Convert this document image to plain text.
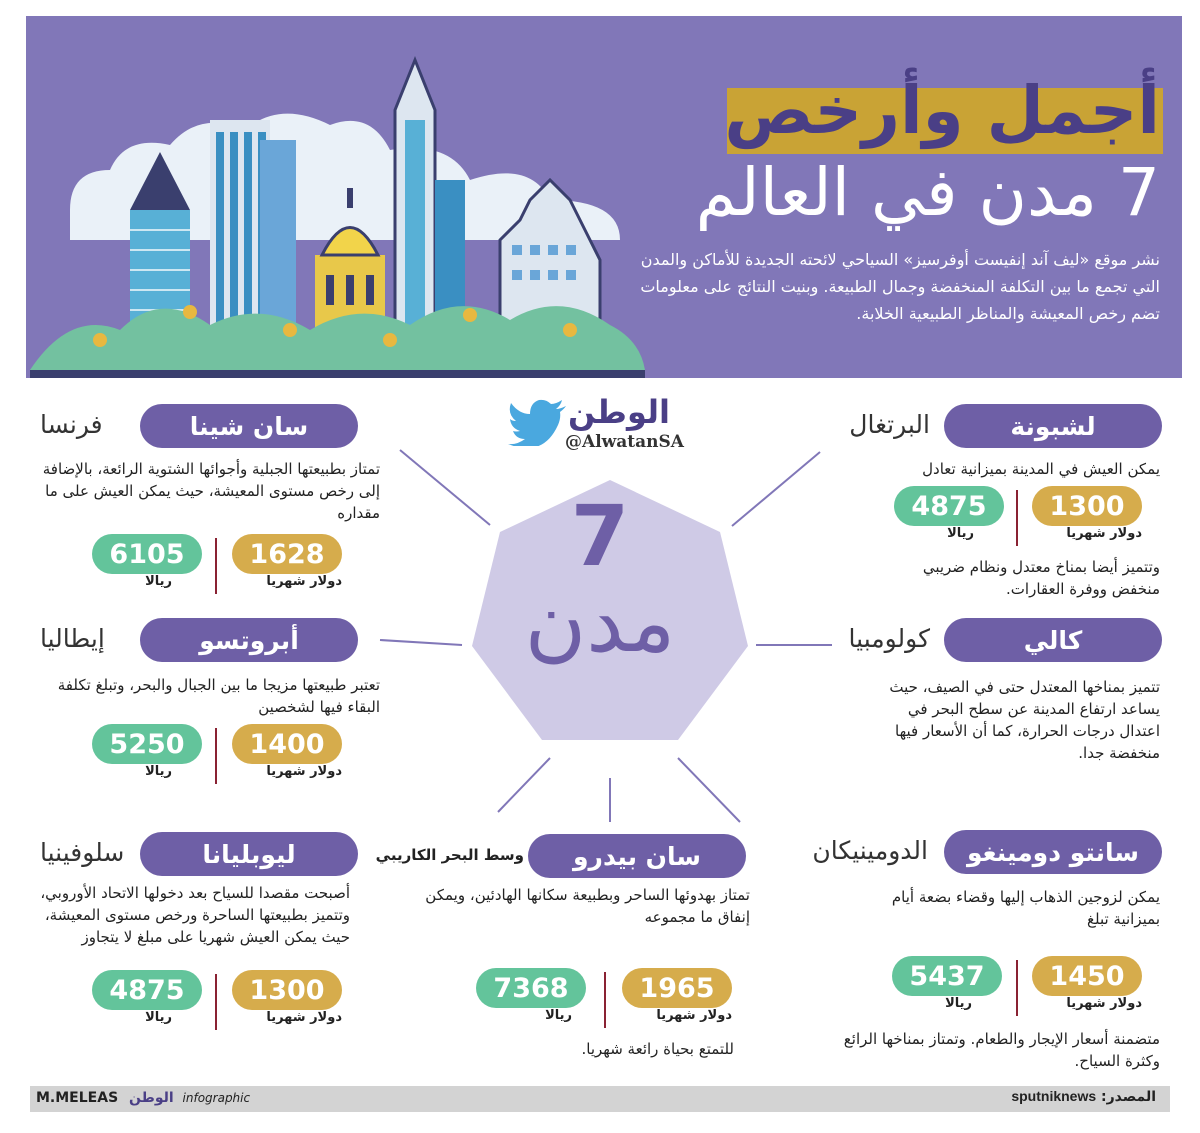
أجمل وأرخص
7 مدن في العالم
نشر موقع «ليف آند إنفيست أوفرسيز» السياحي لائحته الجديدة للأماكن والمدن التي تجمع ما بين التكلفة المنخفضة وجمال الطبيعة. وبنيت النتائج على معلومات تضم رخص المعيشة والمناظر الطبيعية الخلابة.
الوطن
@AlwatanSA
7
مدن
لشبونة
البرتغال
يمكن العيش في المدينة بميزانية تعادل
1300
4875
دولار شهريا
ريالا
وتتميز أيضا بمناخ معتدل ونظام ضريبي منخفض ووفرة العقارات.
سان شينا
فرنسا
تمتاز بطبيعتها الجبلية وأجوائها الشتوية الرائعة، بالإضافة إلى رخص مستوى المعيشة، حيث يمكن العيش على ما مقداره
1628
6105
دولار شهريا
ريالا
كالي
كولومبيا
تتميز بمناخها المعتدل حتى في الصيف، حيث يساعد ارتفاع المدينة عن سطح البحر في اعتدال درجات الحرارة، كما أن الأسعار فيها منخفضة جدا.
أبروتسو
إيطاليا
تعتبر طبيعتها مزيجا ما بين الجبال والبحر، وتبلغ تكلفة البقاء فيها لشخصين
1400
5250
دولار شهريا
ريالا
سانتو دومينغو
الدومينيكان
يمكن لزوجين الذهاب إليها وقضاء بضعة أيام بميزانية تبلغ
1450
5437
دولار شهريا
ريالا
متضمنة أسعار الإيجار والطعام. وتمتاز بمناخها الرائع وكثرة السياح.
سان بيدرو
وسط البحر الكاريبي
تمتاز بهدوئها الساحر وبطبيعة سكانها الهادئين، ويمكن إنفاق ما مجموعه
1965
7368
دولار شهريا
ريالا
للتمتع بحياة رائعة شهريا.
ليوبليانا
سلوفينيا
أصبحت مقصدا للسياح بعد دخولها الاتحاد الأوروبي، وتتميز بطبيعتها الساحرة ورخص مستوى المعيشة، حيث يمكن العيش شهريا على مبلغ لا يتجاوز
1300
4875
دولار شهريا
ريالا
المصدر: sputniknews
M.MELEAS الوطن infographic
